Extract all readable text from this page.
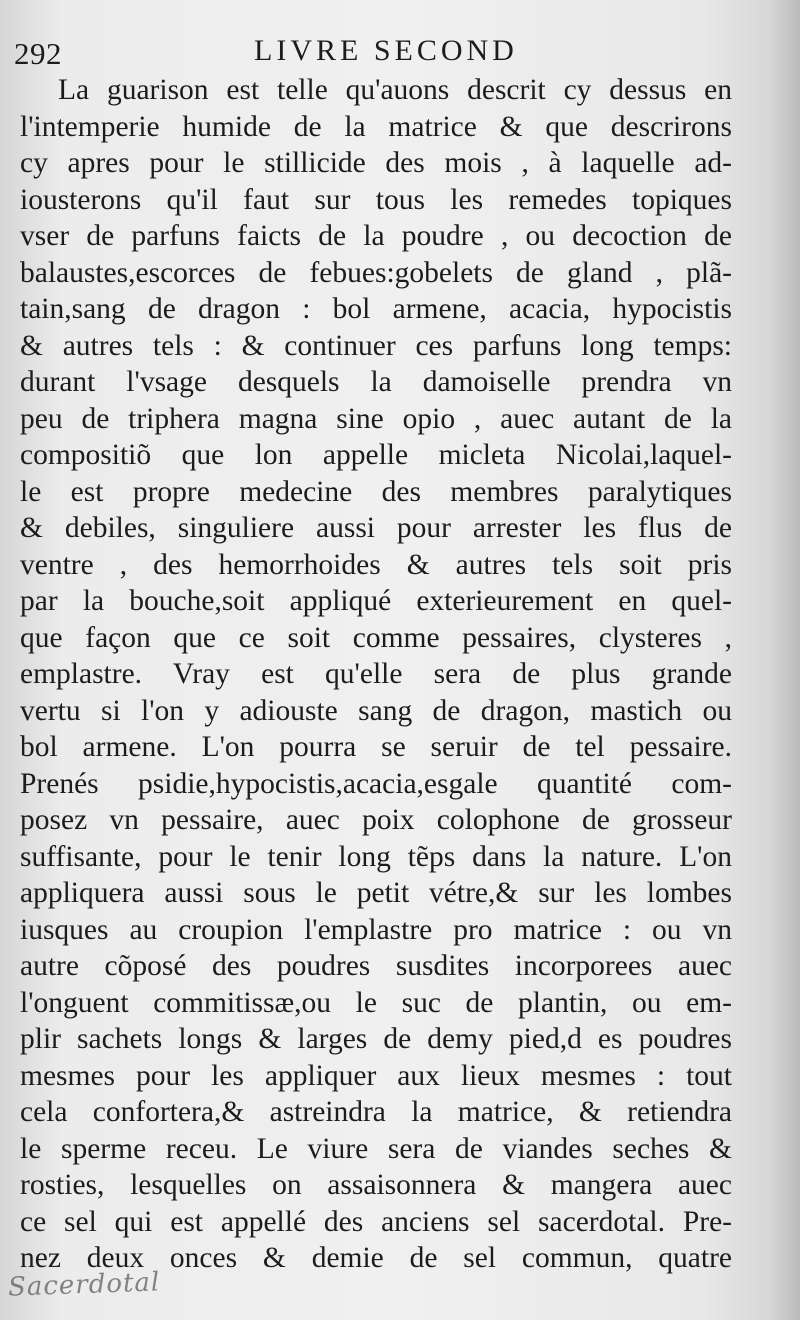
292	LIVRE SECOND
La guarison est telle qu'auons descrit cy dessus en
l'intemperie humide de la matrice & que descrirons
cy apres pour le stillicide des mois , à laquelle ad-
iousterons qu'il faut sur tous les remedes topiques
vser de parfuns faicts de la poudre , ou decoction de
balaustes,escorces de febues:gobelets de gland , plã-
tain,sang de dragon : bol armene, acacia, hypocistis
& autres tels : & continuer ces parfuns long temps:
durant l'vsage desquels la damoiselle prendra vn
peu de triphera magna sine opio , auec autant de la
compositiõ que lon appelle micleta Nicolai,laquel-
le est propre medecine des membres paralytiques
& debiles, singuliere aussi pour arrester les flus de
ventre , des hemorrhoides & autres tels soit pris
par la bouche,soit appliqué exterieurement en quel-
que façon que ce soit comme pessaires, clysteres ,
emplastre. Vray est qu'elle sera de plus grande
vertu si l'on y adiouste sang de dragon, mastich ou
bol armene. L'on pourra se seruir de tel pessaire.
Prenés psidie,hypocistis,acacia,esgale quantité com-
posez vn pessaire, auec poix colophone de grosseur
suffisante, pour le tenir long tẽps dans la nature. L'on
appliquera aussi sous le petit vétre,& sur les lombes
iusques au croupion l'emplastre pro matrice : ou vn
autre cõposé des poudres susdites incorporees auec
l'onguent commitissæ,ou le suc de plantin, ou em-
plir sachets longs & larges de demy pied,d es poudres
mesmes pour les appliquer aux lieux mesmes : tout
cela confortera,& astreindra la matrice, & retiendra
le sperme receu. Le viure sera de viandes seches &
rosties, lesquelles on assaisonnera & mangera auec
ce sel qui est appellé des anciens sel sacerdotal. Pre-
nez deux onces & demie de sel commun, quatre
Sacerdotal
